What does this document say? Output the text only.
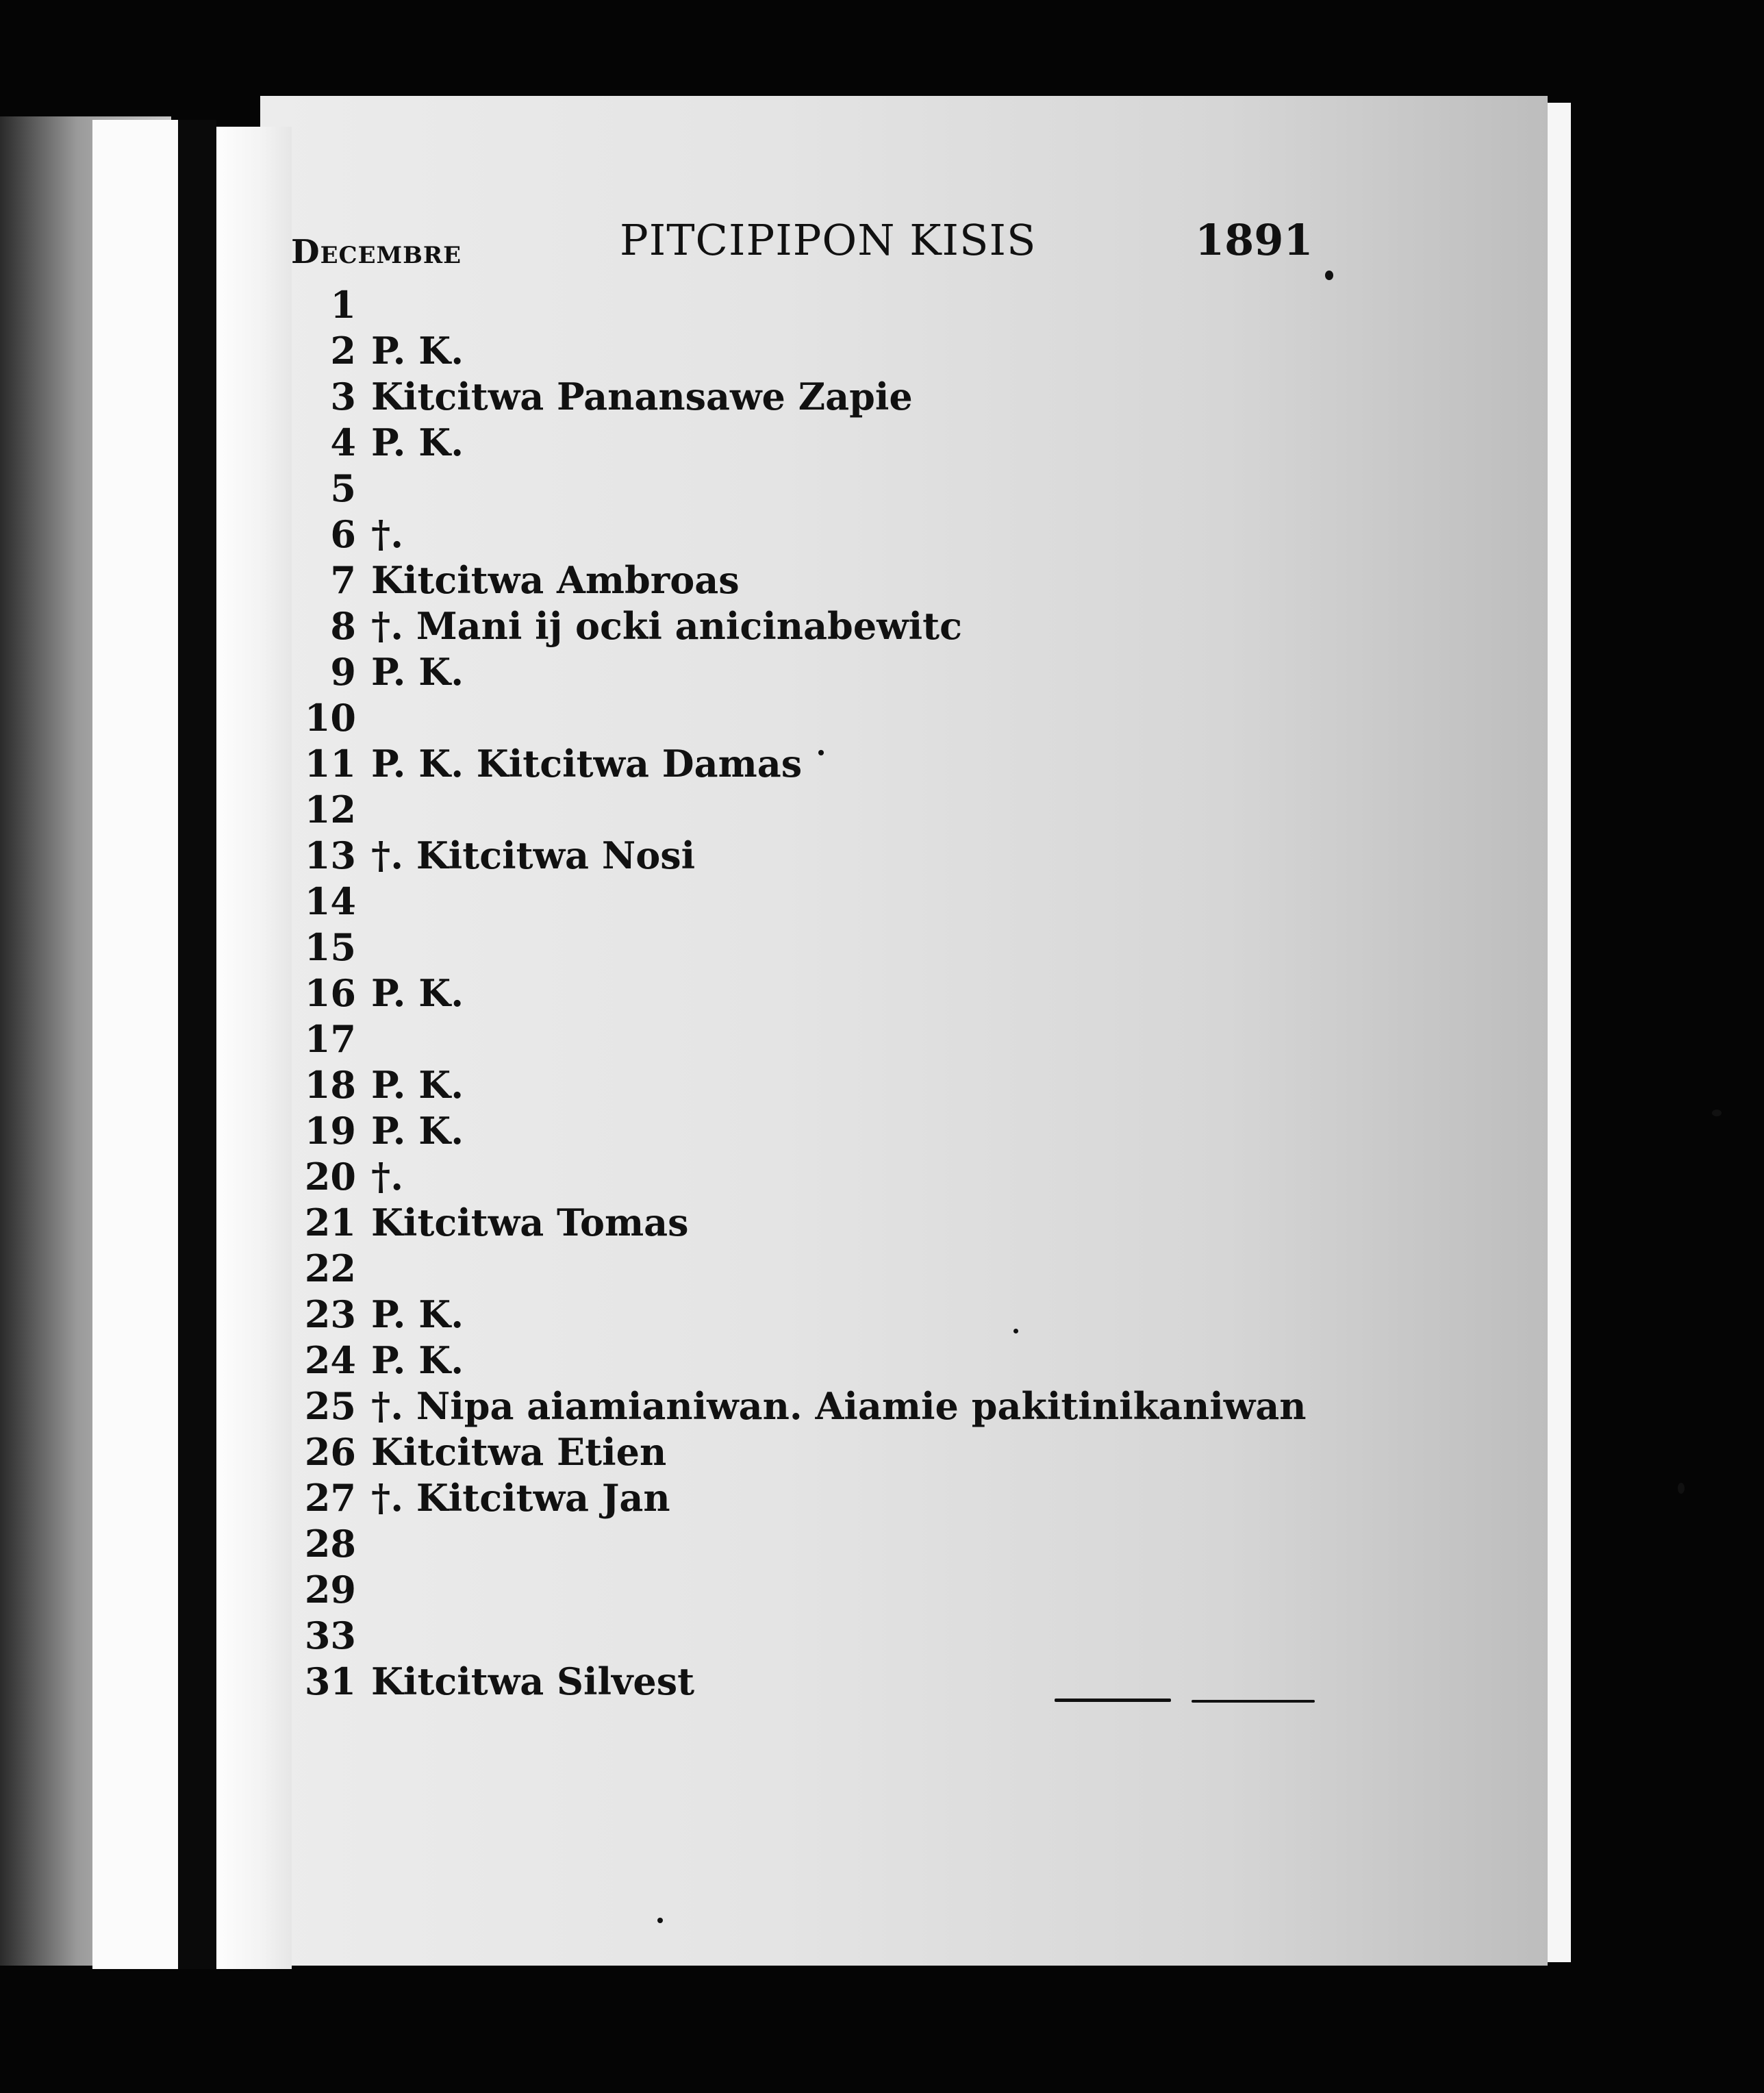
Decembre	PITCIPIPON KISIS	1891
1
2 P. K.
3 Kitcitwa Panansawe Zapie
4 P. K.
5
6 †.
7 Kitcitwa Ambroas
8 †. Mani ij ocki anicinabewitc
9 P. K.
10
11 P. K. Kitcitwa Damas
12
13 †. Kitcitwa Nosi
14
15
16 P. K.
17
18 P. K.
19 P. K.
20 †.
21 Kitcitwa Tomas
22
23 P. K.
24 P. K.
25 †. Nipa aiamianiwan. Aiamie pakitinikaniwan
26 Kitcitwa Etien
27 †. Kitcitwa Jan
28
29
33
31 Kitcitwa Silvest
